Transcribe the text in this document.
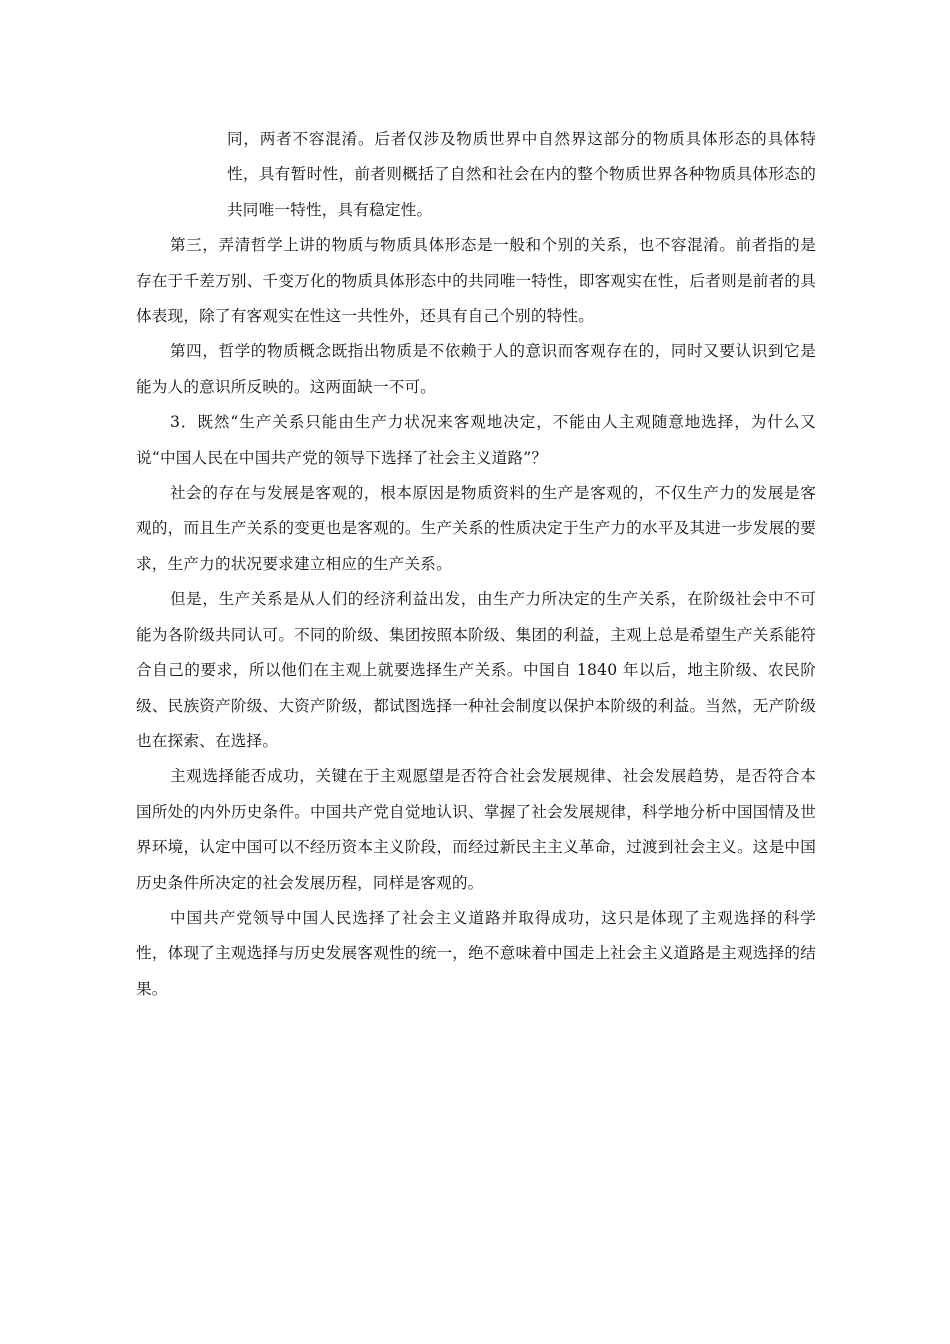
同，两者不容混淆。后者仅涉及物质世界中自然界这部分的物质具体形态的具体特性，具有暂时性，前者则概括了自然和社会在内的整个物质世界各种物质具体形态的共同唯一特性，具有稳定性。

第三，弄清哲学上讲的物质与物质具体形态是一般和个别的关系，也不容混淆。前者指的是存在于千差万别、千变万化的物质具体形态中的共同唯一特性，即客观实在性，后者则是前者的具体表现，除了有客观实在性这一共性外，还具有自己个别的特性。

第四，哲学的物质概念既指出物质是不依赖于人的意识而客观存在的，同时又要认识到它是能为人的意识所反映的。这两面缺一不可。

3．既然“生产关系只能由生产力状况来客观地决定，不能由人主观随意地选择，为什么又说“中国人民在中国共产党的领导下选择了社会主义道路”？

社会的存在与发展是客观的，根本原因是物质资料的生产是客观的，不仅生产力的发展是客观的，而且生产关系的变更也是客观的。生产关系的性质决定于生产力的水平及其进一步发展的要求，生产力的状况要求建立相应的生产关系。

但是，生产关系是从人们的经济利益出发，由生产力所决定的生产关系，在阶级社会中不可能为各阶级共同认可。不同的阶级、集团按照本阶级、集团的利益，主观上总是希望生产关系能符合自己的要求，所以他们在主观上就要选择生产关系。中国自 1840 年以后，地主阶级、农民阶级、民族资产阶级、大资产阶级，都试图选择一种社会制度以保护本阶级的利益。当然，无产阶级也在探索、在选择。

主观选择能否成功，关键在于主观愿望是否符合社会发展规律、社会发展趋势，是否符合本国所处的内外历史条件。中国共产党自觉地认识、掌握了社会发展规律，科学地分析中国国情及世界环境，认定中国可以不经历资本主义阶段，而经过新民主主义革命，过渡到社会主义。这是中国历史条件所决定的社会发展历程，同样是客观的。

中国共产党领导中国人民选择了社会主义道路并取得成功，这只是体现了主观选择的科学性，体现了主观选择与历史发展客观性的统一，绝不意味着中国走上社会主义道路是主观选择的结果。
